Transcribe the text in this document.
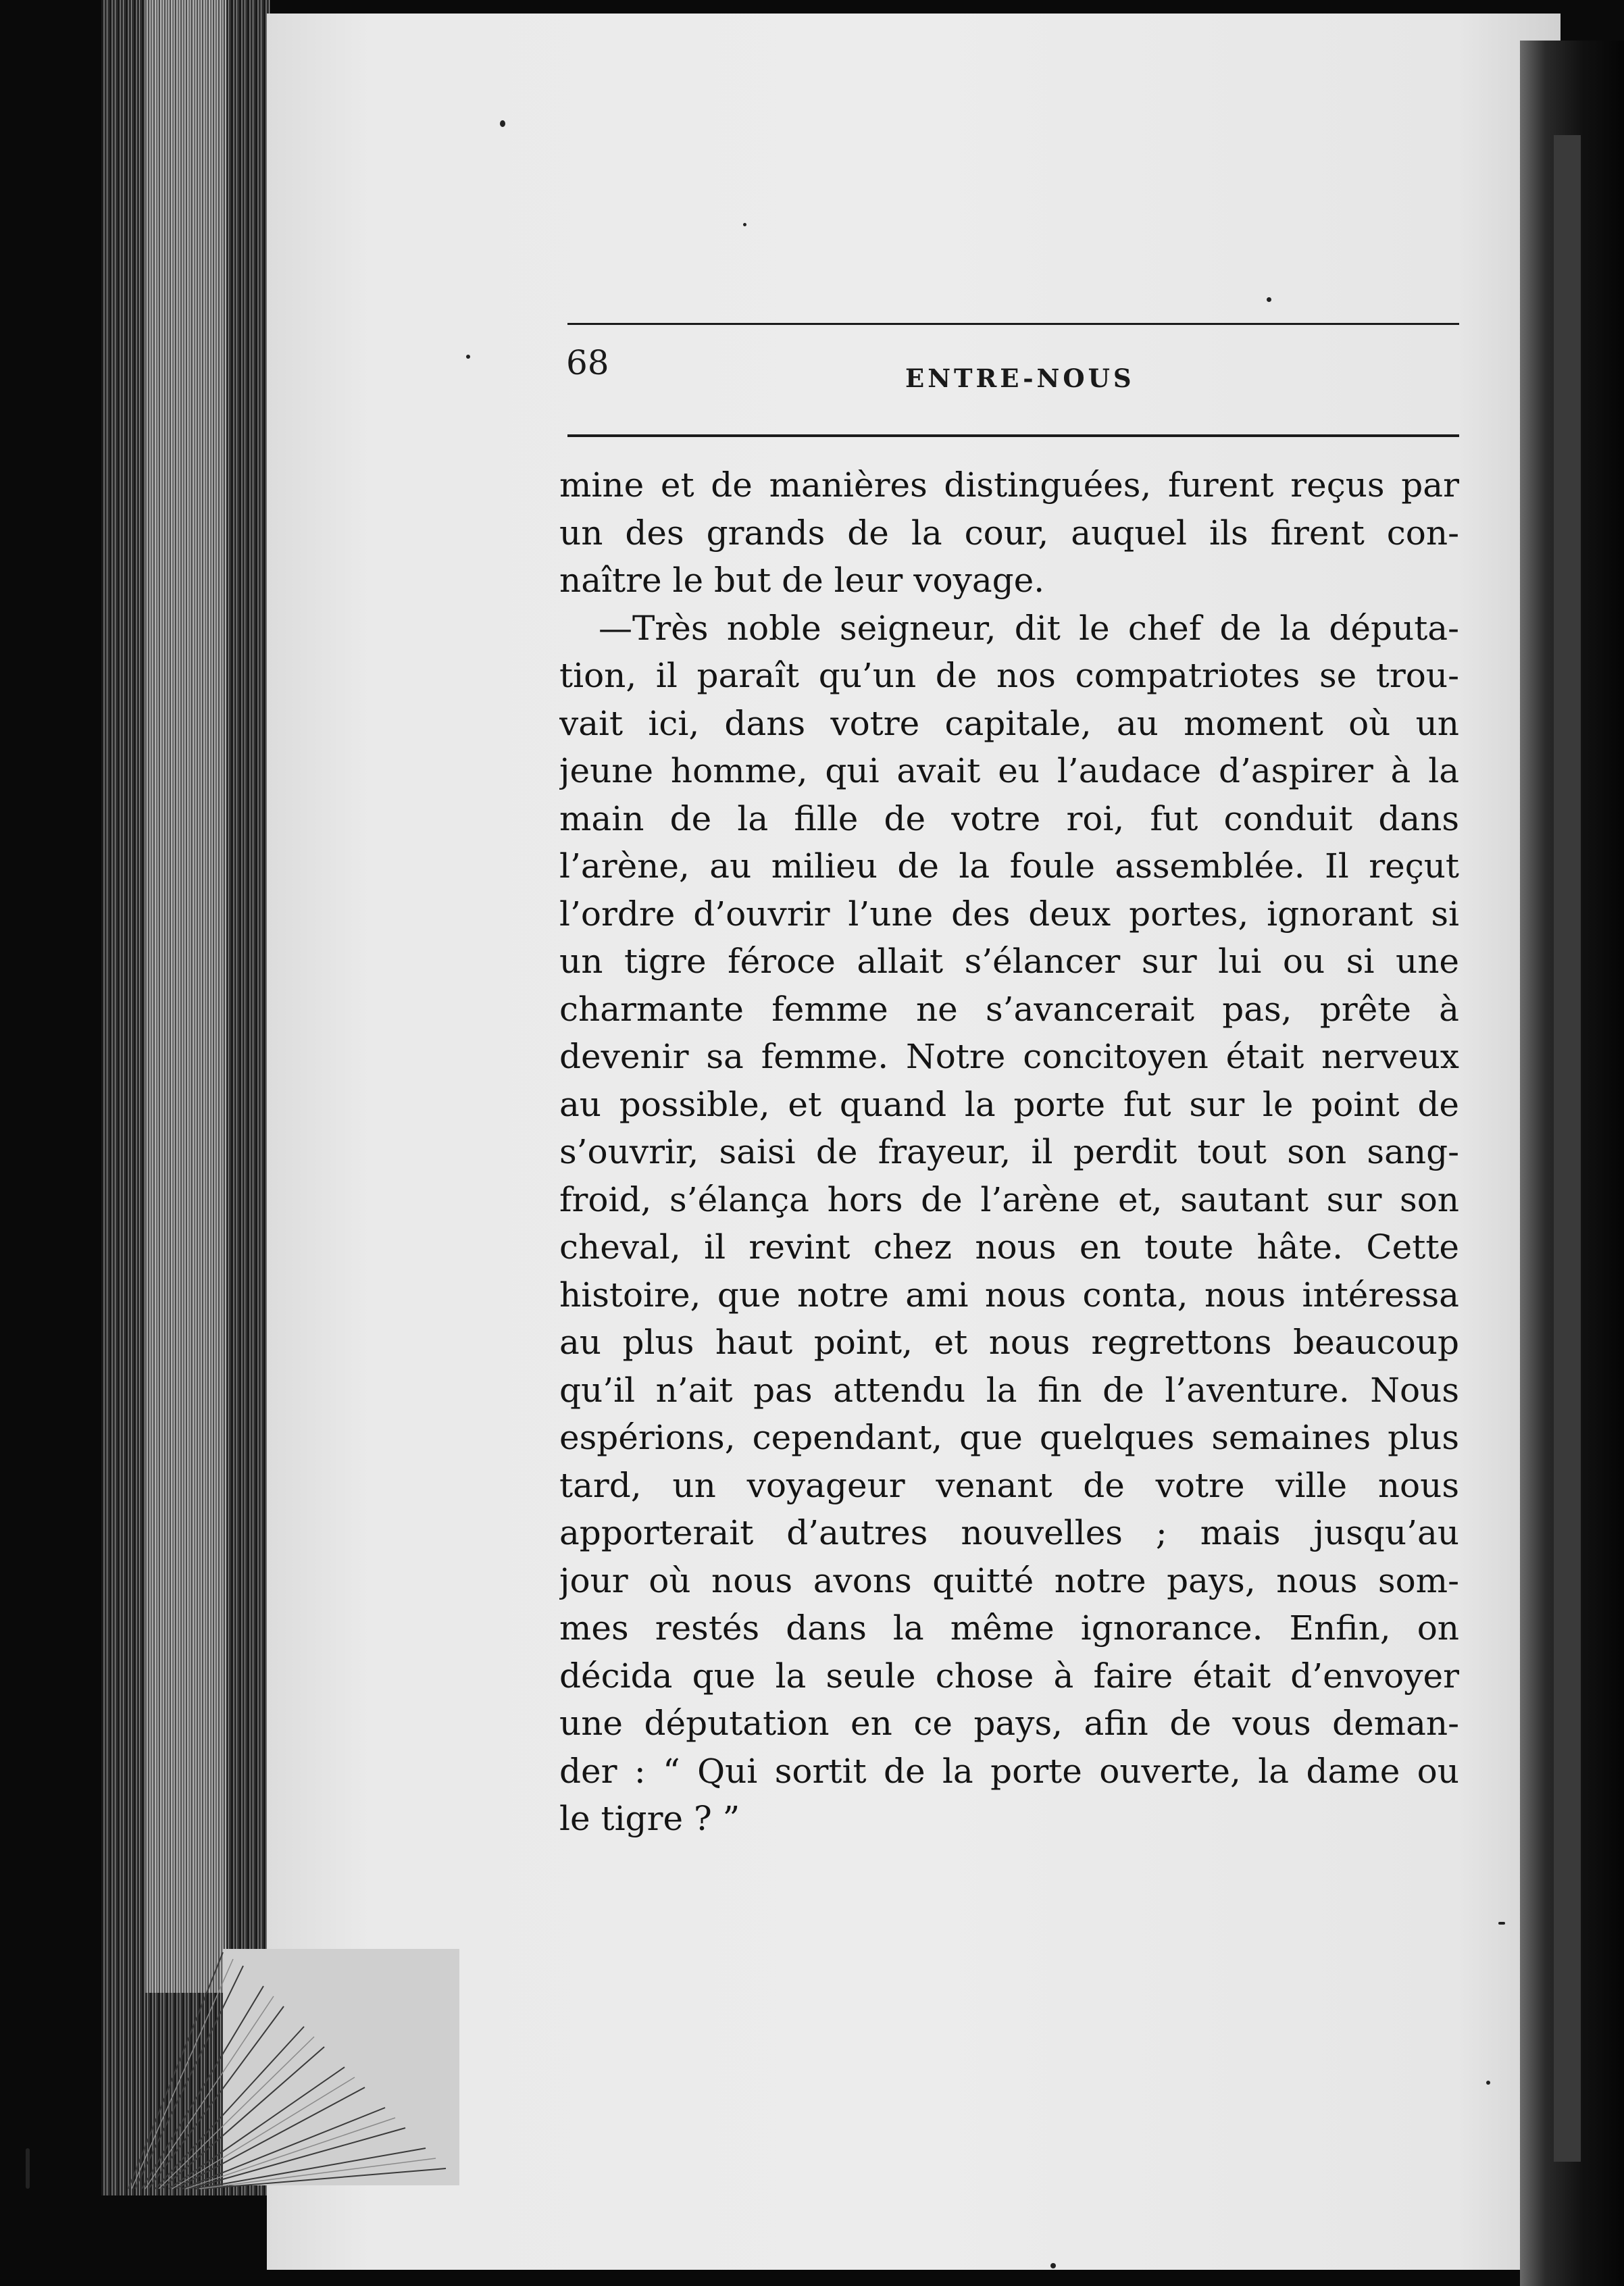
68	ENTRE-NOUS
mine et de manières distinguées, furent reçus par
un des grands de la cour, auquel ils firent con-
naître le but de leur voyage.
—Très noble seigneur, dit le chef de la députa-
tion, il paraît qu’un de nos compatriotes se trou-
vait ici, dans votre capitale, au moment où un
jeune homme, qui avait eu l’audace d’aspirer à la
main de la fille de votre roi, fut conduit dans
l’arène, au milieu de la foule assemblée. Il reçut
l’ordre d’ouvrir l’une des deux portes, ignorant si
un tigre féroce allait s’élancer sur lui ou si une
charmante femme ne s’avancerait pas, prête à
devenir sa femme. Notre concitoyen était nerveux
au possible, et quand la porte fut sur le point de
s’ouvrir, saisi de frayeur, il perdit tout son sang-
froid, s’élança hors de l’arène et, sautant sur son
cheval, il revint chez nous en toute hâte. Cette
histoire, que notre ami nous conta, nous intéressa
au plus haut point, et nous regrettons beaucoup
qu’il n’ait pas attendu la fin de l’aventure. Nous
espérions, cependant, que quelques semaines plus
tard, un voyageur venant de votre ville nous
apporterait d’autres nouvelles ; mais jusqu’au
jour où nous avons quitté notre pays, nous som-
mes restés dans la même ignorance. Enfin, on
décida que la seule chose à faire était d’envoyer
une députation en ce pays, afin de vous deman-
der : “ Qui sortit de la porte ouverte, la dame ou
le tigre ? ”
